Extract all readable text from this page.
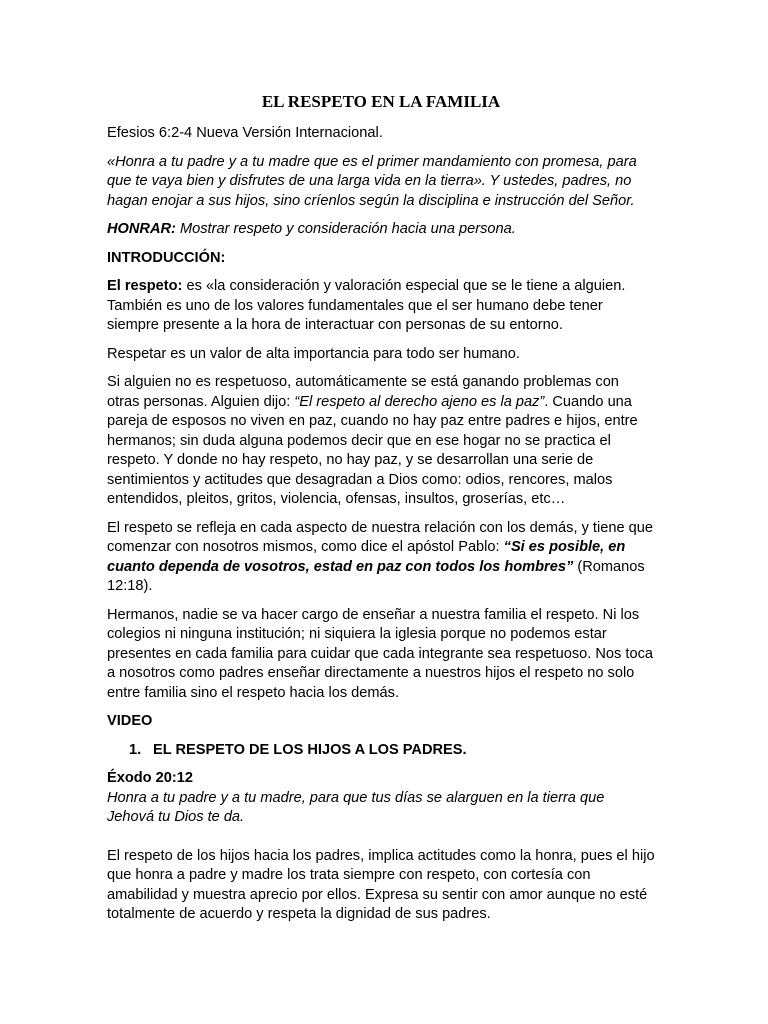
EL RESPETO EN LA FAMILIA

Efesios 6:2-4 Nueva Versión Internacional.

«Honra a tu padre y a tu madre que es el primer mandamiento con promesa, para que te vaya bien y disfrutes de una larga vida en la tierra». Y ustedes, padres, no hagan enojar a sus hijos, sino críenlos según la disciplina e instrucción del Señor.

HONRAR: Mostrar respeto y consideración hacia una persona.

INTRODUCCIÓN:

El respeto: es «la consideración y valoración especial que se le tiene a alguien. También es uno de los valores fundamentales que el ser humano debe tener siempre presente a la hora de interactuar con personas de su entorno.

Respetar es un valor de alta importancia para todo ser humano.

Si alguien no es respetuoso, automáticamente se está ganando problemas con otras personas. Alguien dijo: “El respeto al derecho ajeno es la paz”. Cuando una pareja de esposos no viven en paz, cuando no hay paz entre padres e hijos, entre hermanos; sin duda alguna podemos decir que en ese hogar no se practica el respeto. Y donde no hay respeto, no hay paz, y se desarrollan una serie de sentimientos y actitudes que desagradan a Dios como: odios, rencores, malos entendidos, pleitos, gritos, violencia, ofensas, insultos, groserías, etc…

El respeto se refleja en cada aspecto de nuestra relación con los demás, y tiene que comenzar con nosotros mismos, como dice el apóstol Pablo: “Si es posible, en cuanto dependa de vosotros, estad en paz con todos los hombres” (Romanos 12:18).

Hermanos, nadie se va hacer cargo de enseñar a nuestra familia el respeto. Ni los colegios ni ninguna institución; ni siquiera la iglesia porque no podemos estar presentes en cada familia para cuidar que cada integrante sea respetuoso. Nos toca a nosotros como padres enseñar directamente a nuestros hijos el respeto no solo entre familia sino el respeto hacia los demás.

VIDEO

1. EL RESPETO DE LOS HIJOS A LOS PADRES.

Éxodo 20:12

Honra a tu padre y a tu madre, para que tus días se alarguen en la tierra que Jehová tu Dios te da.

El respeto de los hijos hacia los padres, implica actitudes como la honra, pues el hijo que honra a padre y madre los trata siempre con respeto, con cortesía con amabilidad y muestra aprecio por ellos. Expresa su sentir con amor aunque no esté totalmente de acuerdo y respeta la dignidad de sus padres.
